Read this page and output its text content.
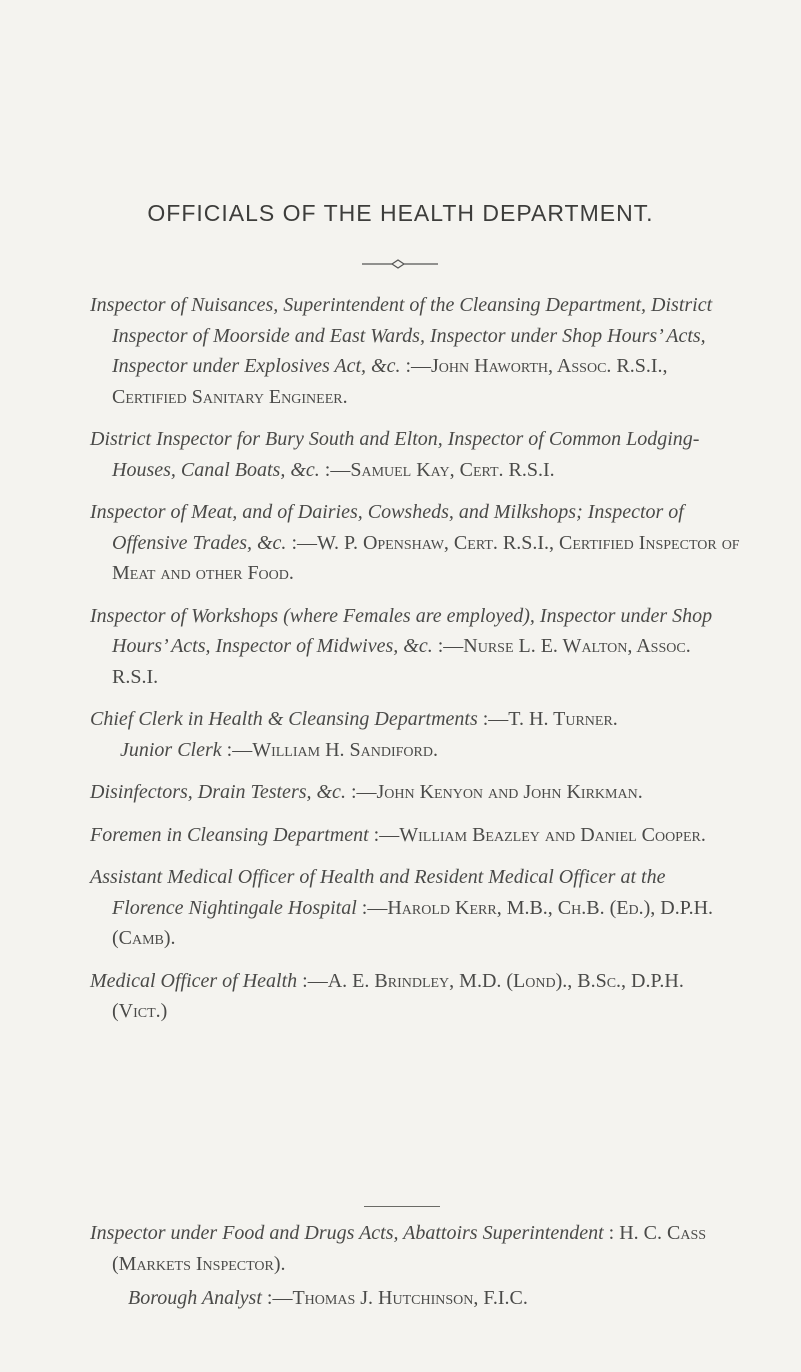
OFFICIALS OF THE HEALTH DEPARTMENT.

Inspector of Nuisances, Superintendent of the Cleansing Department, District Inspector of Moorside and East Wards, Inspector under Shop Hours’ Acts, Inspector under Explosives Act, &c. :—John Haworth, Assoc. R.S.I., Certified Sanitary Engineer.

District Inspector for Bury South and Elton, Inspector of Common Lodging-Houses, Canal Boats, &c. :—Samuel Kay, Cert. R.S.I.

Inspector of Meat, and of Dairies, Cowsheds, and Milkshops; Inspector of Offensive Trades, &c. :—W. P. Openshaw, Cert. R.S.I., Certified Inspector of Meat and other Food.

Inspector of Workshops (where Females are employed), Inspector under Shop Hours’ Acts, Inspector of Midwives, &c. :—Nurse L. E. Walton, Assoc. R.S.I.

Chief Clerk in Health & Cleansing Departments :—T. H. Turner.

Junior Clerk :—William H. Sandiford.

Disinfectors, Drain Testers, &c. :—John Kenyon and John Kirkman.

Foremen in Cleansing Department :—William Beazley and Daniel Cooper.

Assistant Medical Officer of Health and Resident Medical Officer at the Florence Nightingale Hospital :—Harold Kerr, M.B., Ch.B. (Ed.), D.P.H. (Camb).

Medical Officer of Health :—A. E. Brindley, M.D. (Lond)., B.Sc., D.P.H. (Vict.)

Inspector under Food and Drugs Acts, Abattoirs Superintendent : H. C. Cass (Markets Inspector).

Borough Analyst :—Thomas J. Hutchinson, F.I.C.
